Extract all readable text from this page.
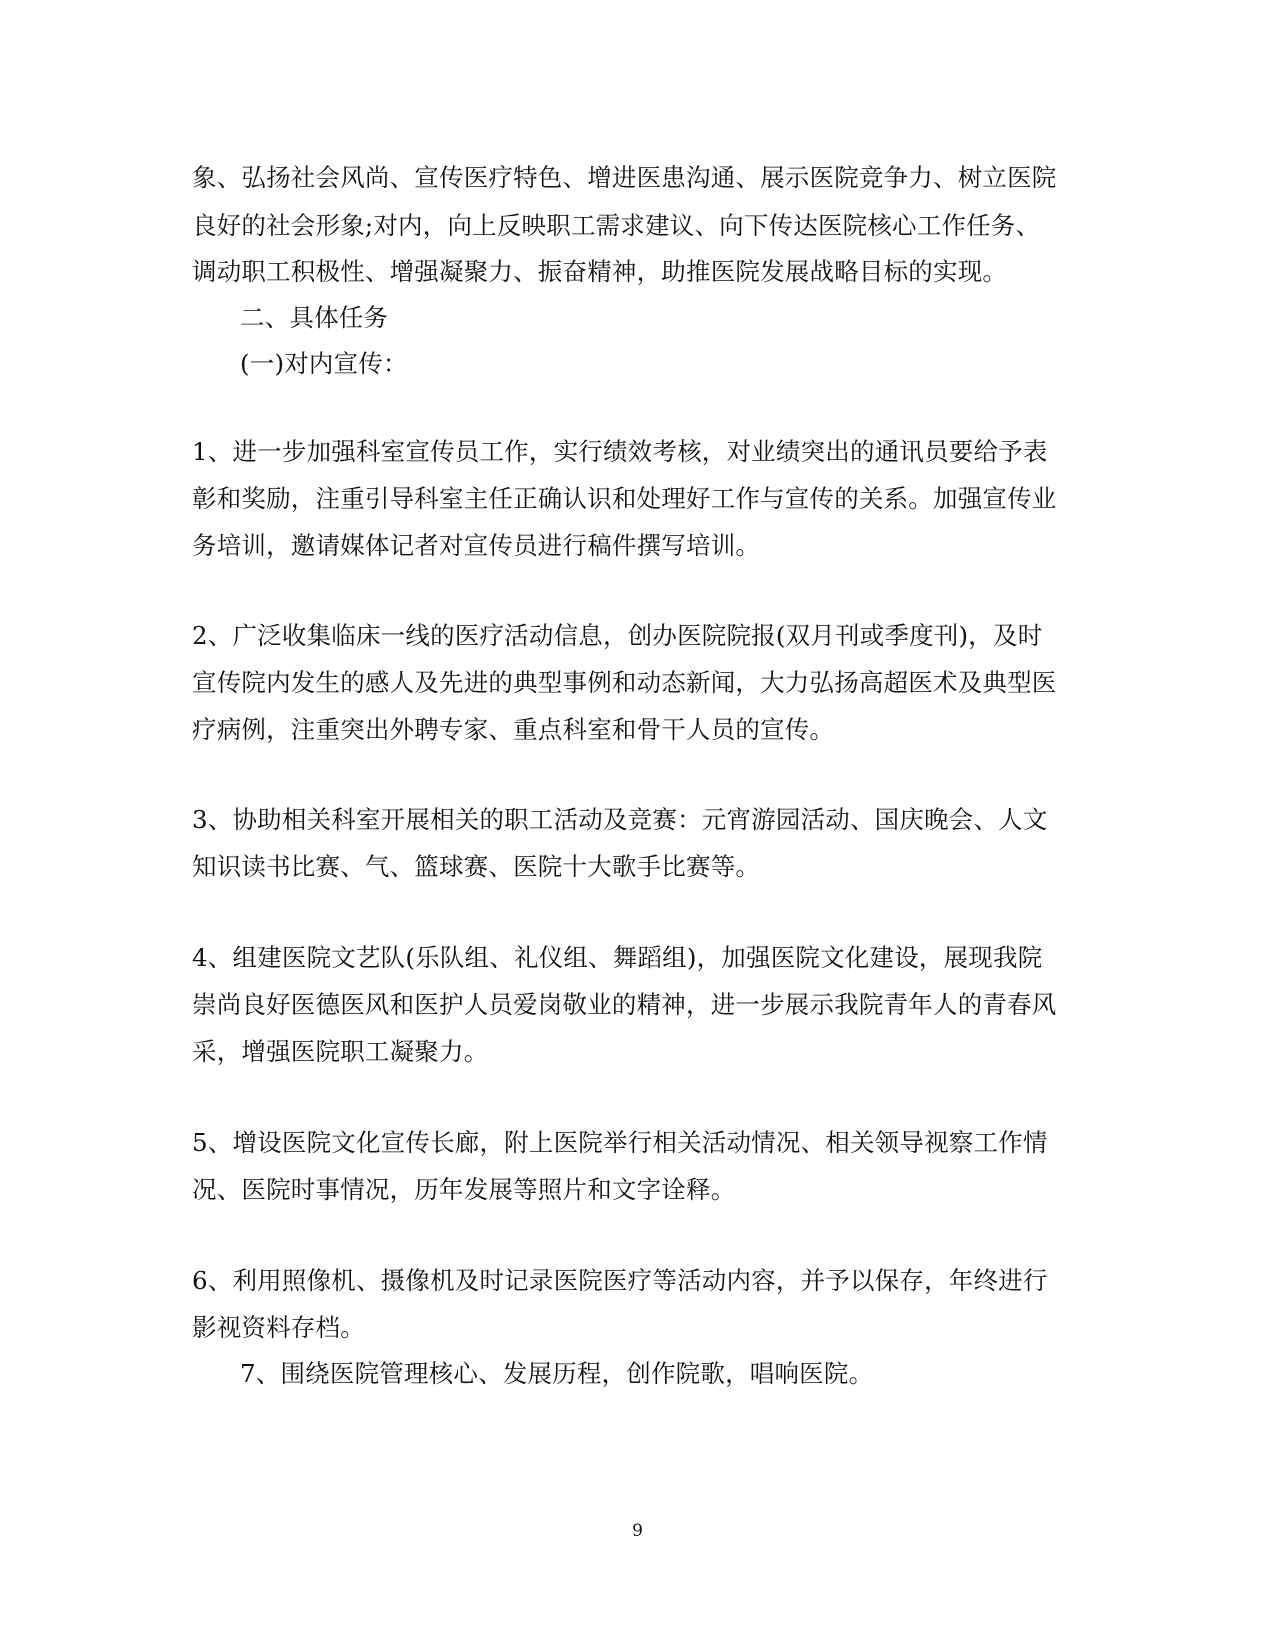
象、弘扬社会风尚、宣传医疗特色、增进医患沟通、展示医院竞争力、树立医院
良好的社会形象;对内，向上反映职工需求建议、向下传达医院核心工作任务、
调动职工积极性、增强凝聚力、振奋精神，助推医院发展战略目标的实现。
二、具体任务
(一)对内宣传：
1、进一步加强科室宣传员工作，实行绩效考核，对业绩突出的通讯员要给予表
彰和奖励，注重引导科室主任正确认识和处理好工作与宣传的关系。加强宣传业
务培训，邀请媒体记者对宣传员进行稿件撰写培训。
2、广泛收集临床一线的医疗活动信息，创办医院院报(双月刊或季度刊)，及时
宣传院内发生的感人及先进的典型事例和动态新闻，大力弘扬高超医术及典型医
疗病例，注重突出外聘专家、重点科室和骨干人员的宣传。
3、协助相关科室开展相关的职工活动及竞赛：元宵游园活动、国庆晚会、人文
知识读书比赛、气、篮球赛、医院十大歌手比赛等。
4、组建医院文艺队(乐队组、礼仪组、舞蹈组)，加强医院文化建设，展现我院
崇尚良好医德医风和医护人员爱岗敬业的精神，进一步展示我院青年人的青春风
采，增强医院职工凝聚力。
5、增设医院文化宣传长廊，附上医院举行相关活动情况、相关领导视察工作情
况、医院时事情况，历年发展等照片和文字诠释。
6、利用照像机、摄像机及时记录医院医疗等活动内容，并予以保存，年终进行
影视资料存档。
7、围绕医院管理核心、发展历程，创作院歌，唱响医院。
9
